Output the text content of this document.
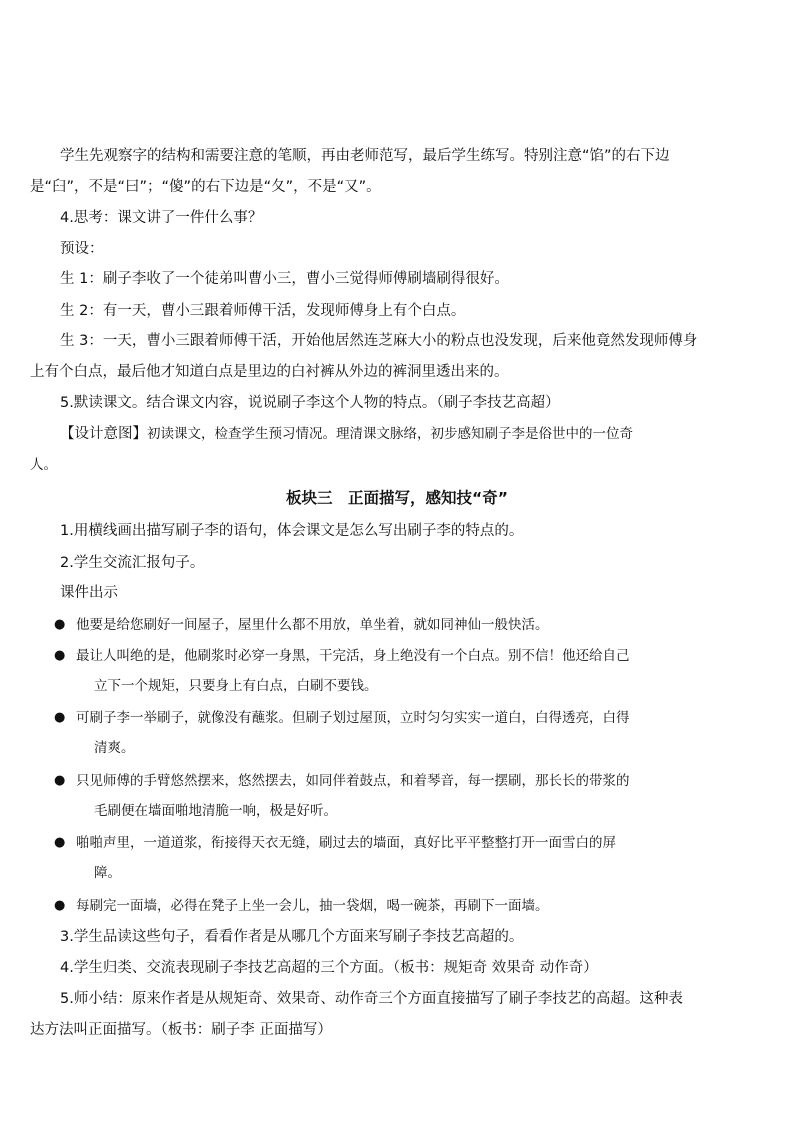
学生先观察字的结构和需要注意的笔顺，再由老师范写，最后学生练写。特别注意“馅”的右下边

是“臼”，不是“曰”；“傻”的右下边是“夂”，不是“又”。

4.思考：课文讲了一件什么事？

预设：

生 1：刷子李收了一个徒弟叫曹小三，曹小三觉得师傅刷墙刷得很好。

生 2：有一天，曹小三跟着师傅干活，发现师傅身上有个白点。

生 3：一天，曹小三跟着师傅干活，开始他居然连芝麻大小的粉点也没发现，后来他竟然发现师傅身

上有个白点，最后他才知道白点是里边的白衬裤从外边的裤洞里透出来的。

5.默读课文。结合课文内容，说说刷子李这个人物的特点。（刷子李技艺高超）

【设计意图】初读课文，检查学生预习情况。理清课文脉络，初步感知刷子李是俗世中的一位奇

人。

板块三　正面描写，感知技“奇”

1.用横线画出描写刷子李的语句，体会课文是怎么写出刷子李的特点的。

2.学生交流汇报句子。

课件出示

● 他要是给您刷好一间屋子，屋里什么都不用放，单坐着，就如同神仙一般快活。
● 最让人叫绝的是，他刷浆时必穿一身黑，干完活，身上绝没有一个白点。别不信！他还给自己
立下一个规矩，只要身上有白点，白刷不要钱。
● 可刷子李一举刷子，就像没有蘸浆。但刷子划过屋顶，立时匀匀实实一道白，白得透亮，白得
清爽。
● 只见师傅的手臂悠然摆来，悠然摆去，如同伴着鼓点，和着琴音，每一摆刷，那长长的带浆的
毛刷便在墙面啪地清脆一响，极是好听。
● 啪啪声里，一道道浆，衔接得天衣无缝，刷过去的墙面，真好比平平整整打开一面雪白的屏
障。
● 每刷完一面墙，必得在凳子上坐一会儿，抽一袋烟，喝一碗茶，再刷下一面墙。

3.学生品读这些句子，看看作者是从哪几个方面来写刷子李技艺高超的。

4.学生归类、交流表现刷子李技艺高超的三个方面。（板书：规矩奇 效果奇 动作奇）

5.师小结：原来作者是从规矩奇、效果奇、动作奇三个方面直接描写了刷子李技艺的高超。这种表

达方法叫正面描写。（板书：刷子李 正面描写）
